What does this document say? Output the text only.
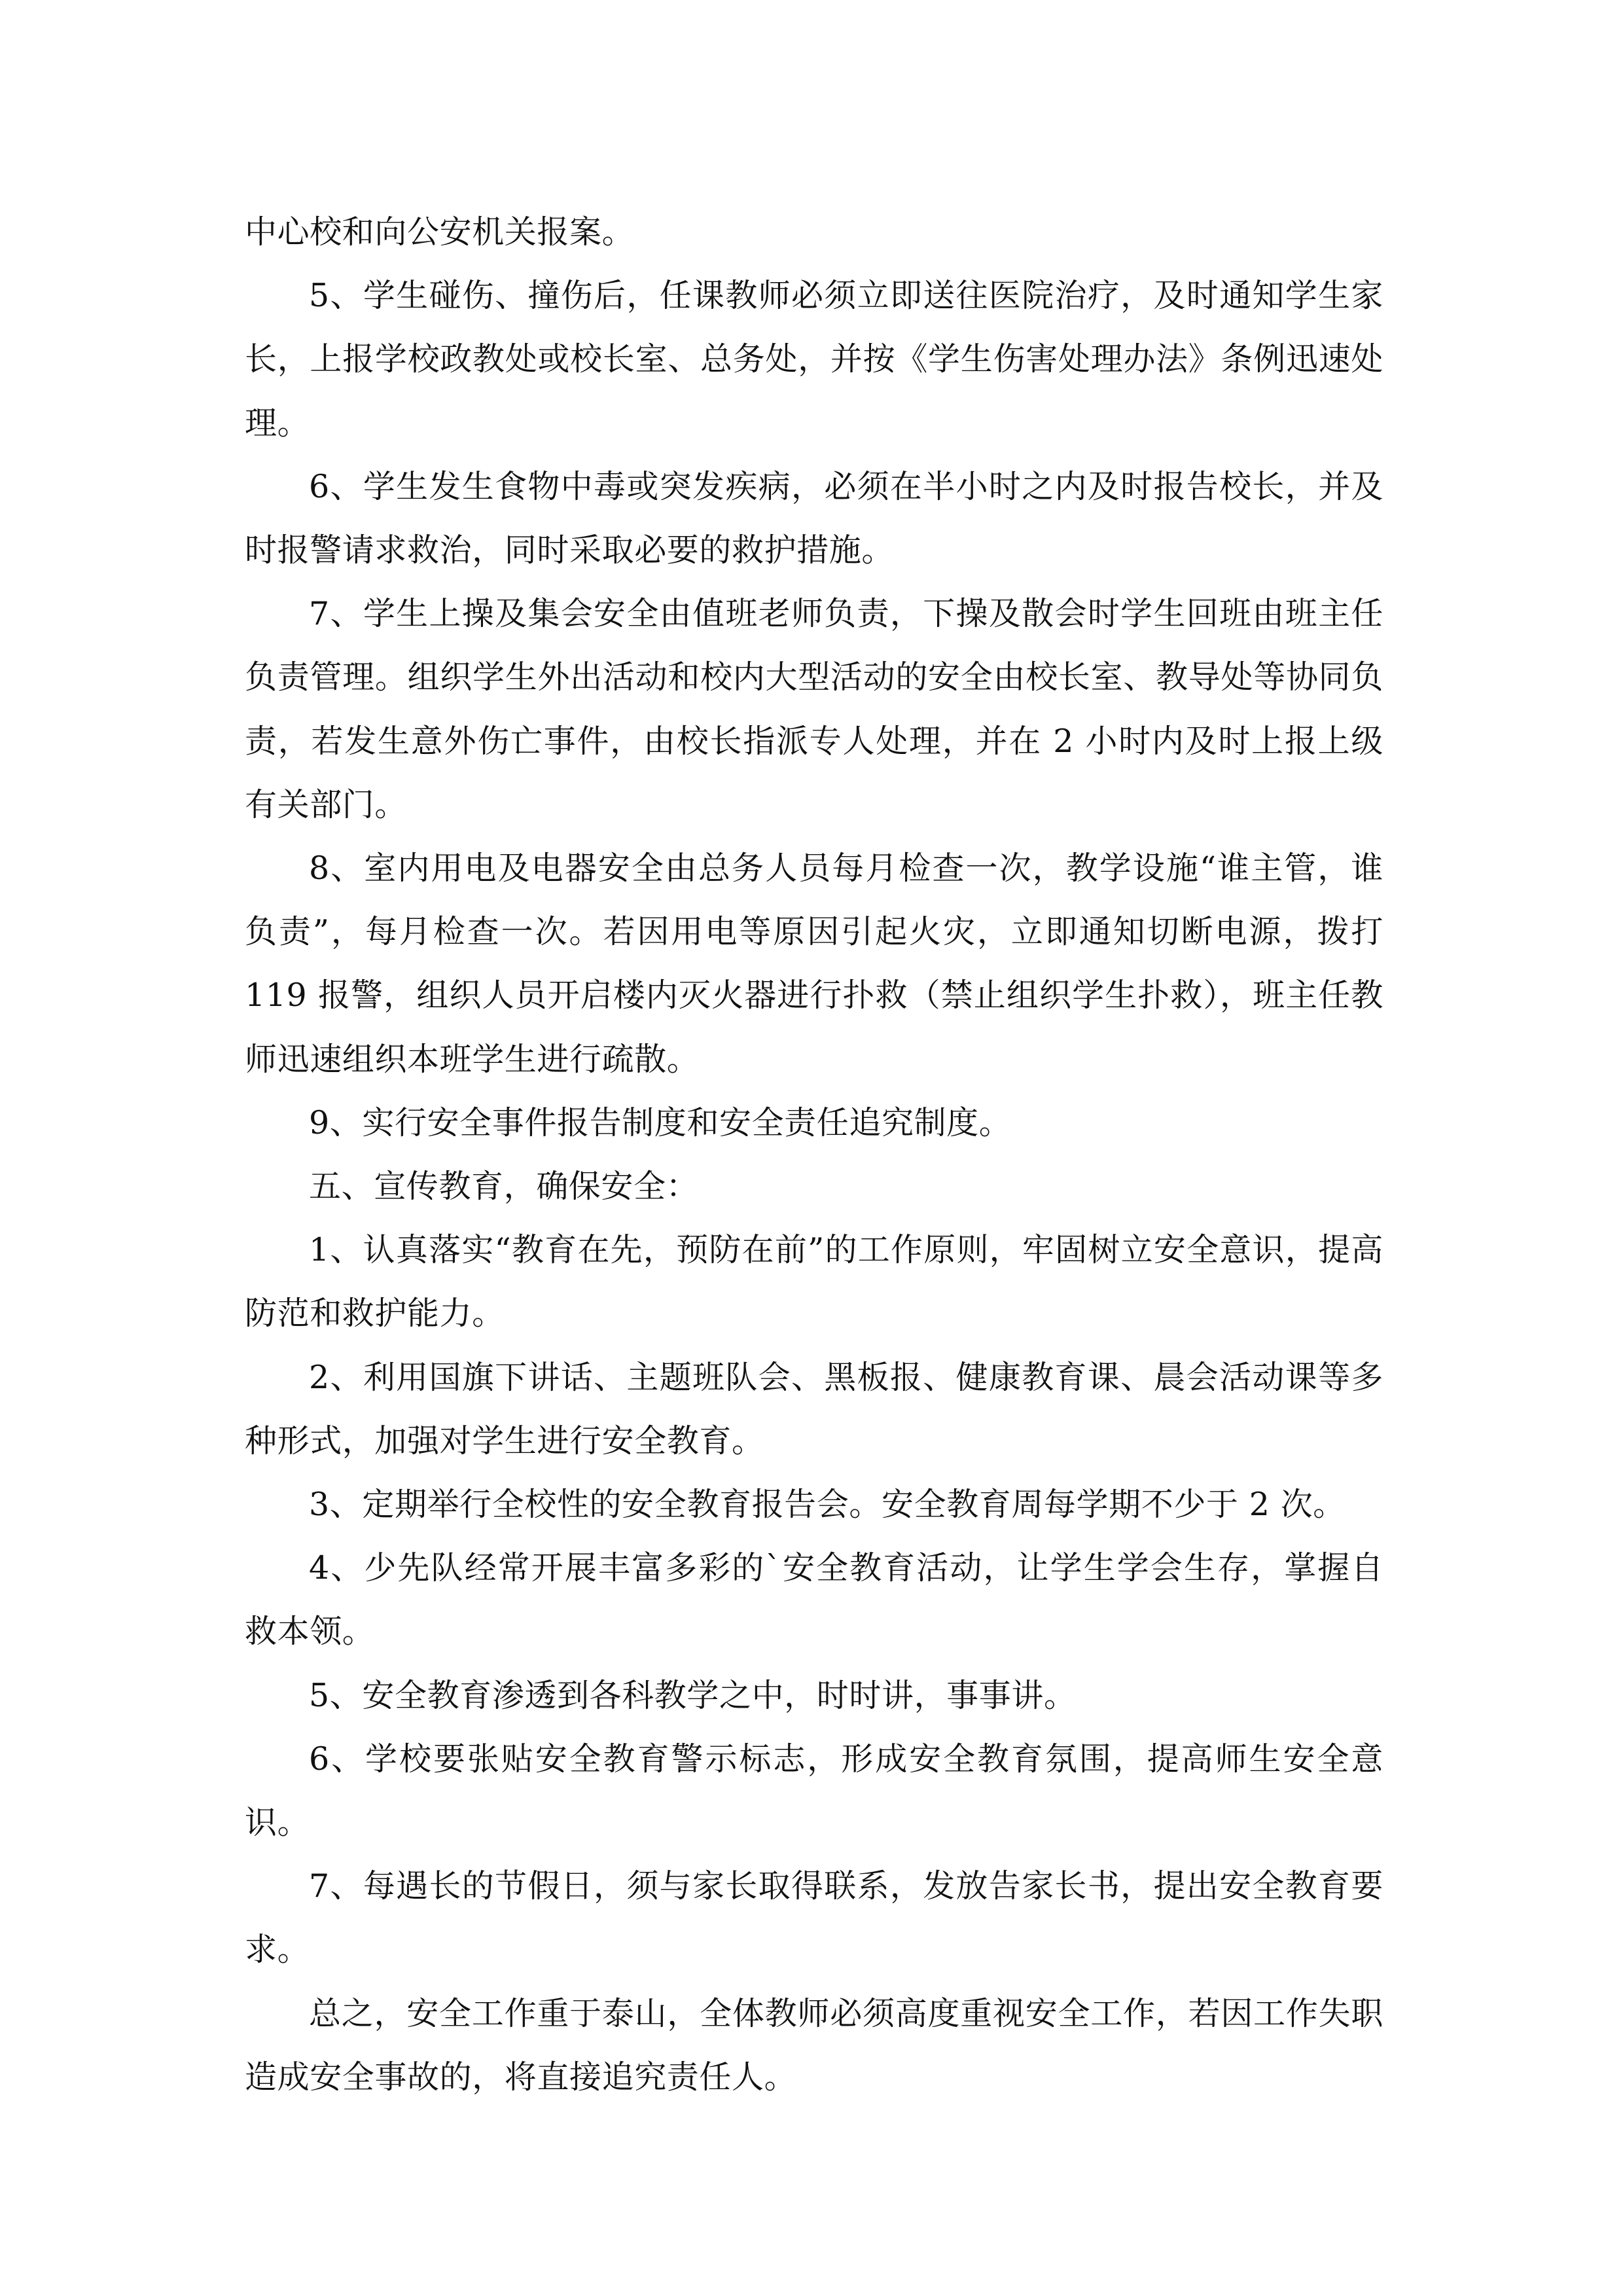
中心校和向公安机关报案。

5、学生碰伤、撞伤后，任课教师必须立即送往医院治疗，及时通知学生家长，上报学校政教处或校长室、总务处，并按《学生伤害处理办法》条例迅速处理。

6、学生发生食物中毒或突发疾病，必须在半小时之内及时报告校长，并及时报警请求救治，同时采取必要的救护措施。

7、学生上操及集会安全由值班老师负责，下操及散会时学生回班由班主任负责管理。组织学生外出活动和校内大型活动的安全由校长室、教导处等协同负责，若发生意外伤亡事件，由校长指派专人处理，并在 2 小时内及时上报上级有关部门。

8、室内用电及电器安全由总务人员每月检查一次，教学设施“谁主管，谁负责”，每月检查一次。若因用电等原因引起火灾，立即通知切断电源，拨打 119 报警，组织人员开启楼内灭火器进行扑救（禁止组织学生扑救），班主任教师迅速组织本班学生进行疏散。

9、实行安全事件报告制度和安全责任追究制度。

五、宣传教育，确保安全：

1、认真落实“教育在先，预防在前”的工作原则，牢固树立安全意识，提高防范和救护能力。

2、利用国旗下讲话、主题班队会、黑板报、健康教育课、晨会活动课等多种形式，加强对学生进行安全教育。

3、定期举行全校性的安全教育报告会。安全教育周每学期不少于 2 次。

4、少先队经常开展丰富多彩的`安全教育活动，让学生学会生存，掌握自救本领。

5、安全教育渗透到各科教学之中，时时讲，事事讲。

6、学校要张贴安全教育警示标志，形成安全教育氛围，提高师生安全意识。

7、每遇长的节假日，须与家长取得联系，发放告家长书，提出安全教育要求。

总之，安全工作重于泰山，全体教师必须高度重视安全工作，若因工作失职造成安全事故的，将直接追究责任人。
